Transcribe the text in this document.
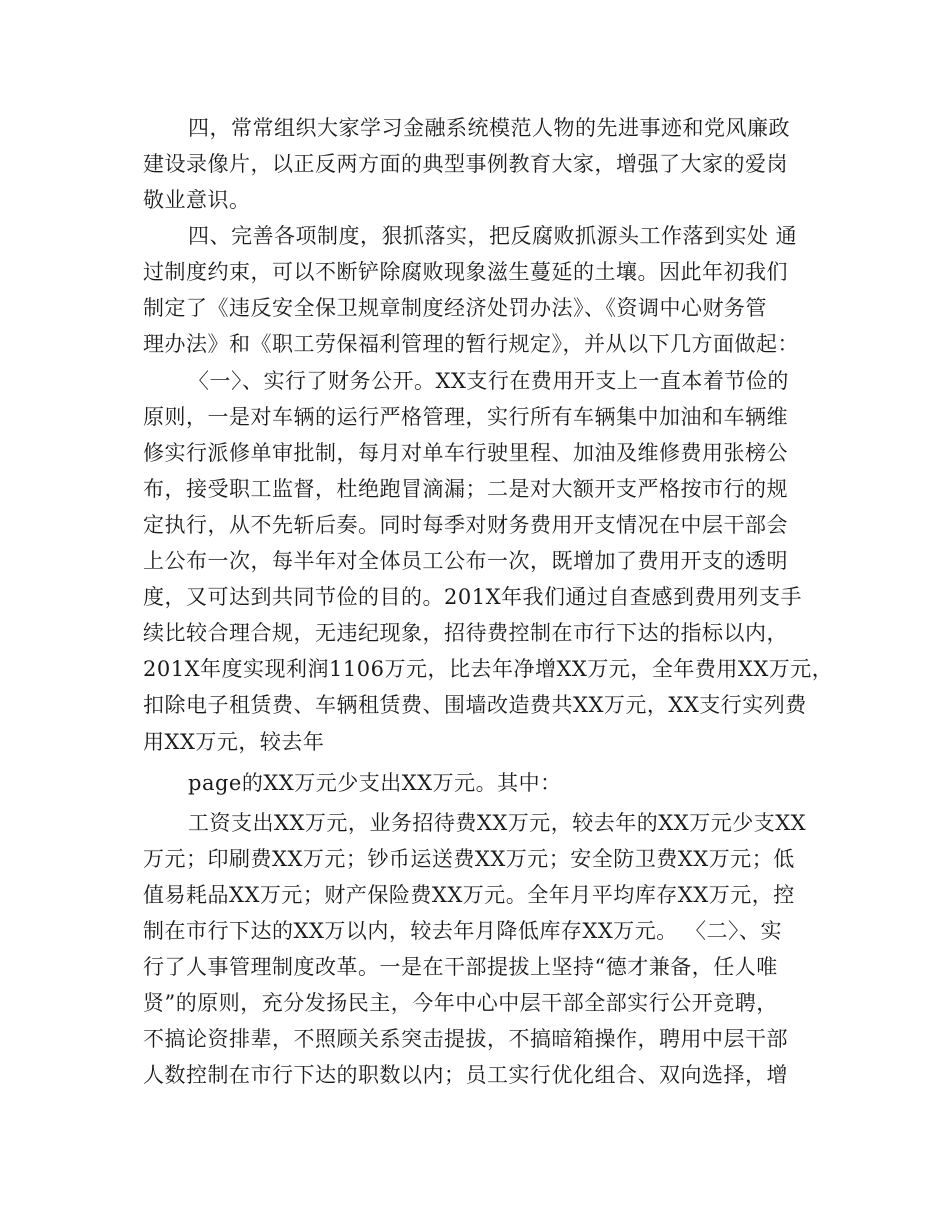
四，常常组织大家学习金融系统模范人物的先进事迹和党风廉政
建设录像片，以正反两方面的典型事例教育大家，增强了大家的爱岗
敬业意识。
四、完善各项制度，狠抓落实，把反腐败抓源头工作落到实处 通
过制度约束，可以不断铲除腐败现象滋生蔓延的土壤。因此年初我们
制定了《违反安全保卫规章制度经济处罚办法》、《资调中心财务管
理办法》和《职工劳保福利管理的暂行规定》，并从以下几方面做起：
〈一〉、实行了财务公开。XX支行在费用开支上一直本着节俭的
原则，一是对车辆的运行严格管理，实行所有车辆集中加油和车辆维
修实行派修单审批制，每月对单车行驶里程、加油及维修费用张榜公
布，接受职工监督，杜绝跑冒滴漏；二是对大额开支严格按市行的规
定执行，从不先斩后奏。同时每季对财务费用开支情况在中层干部会
上公布一次，每半年对全体员工公布一次，既增加了费用开支的透明
度，又可达到共同节俭的目的。201X年我们通过自查感到费用列支手
续比较合理合规，无违纪现象，招待费控制在市行下达的指标以内，
201X年度实现利润1106万元，比去年净增XX万元，全年费用XX万元，
扣除电子租赁费、车辆租赁费、围墙改造费共XX万元，XX支行实列费
用XX万元，较去年
page的XX万元少支出XX万元。其中：
工资支出XX万元，业务招待费XX万元，较去年的XX万元少支XX
万元；印刷费XX万元；钞币运送费XX万元；安全防卫费XX万元；低
值易耗品XX万元；财产保险费XX万元。全年月平均库存XX万元，控
制在市行下达的XX万以内，较去年月降低库存XX万元。 〈二〉、实
行了人事管理制度改革。一是在干部提拔上坚持“德才兼备，任人唯
贤”的原则，充分发扬民主，今年中心中层干部全部实行公开竞聘，
不搞论资排辈，不照顾关系突击提拔，不搞暗箱操作，聘用中层干部
人数控制在市行下达的职数以内；员工实行优化组合、双向选择，增
